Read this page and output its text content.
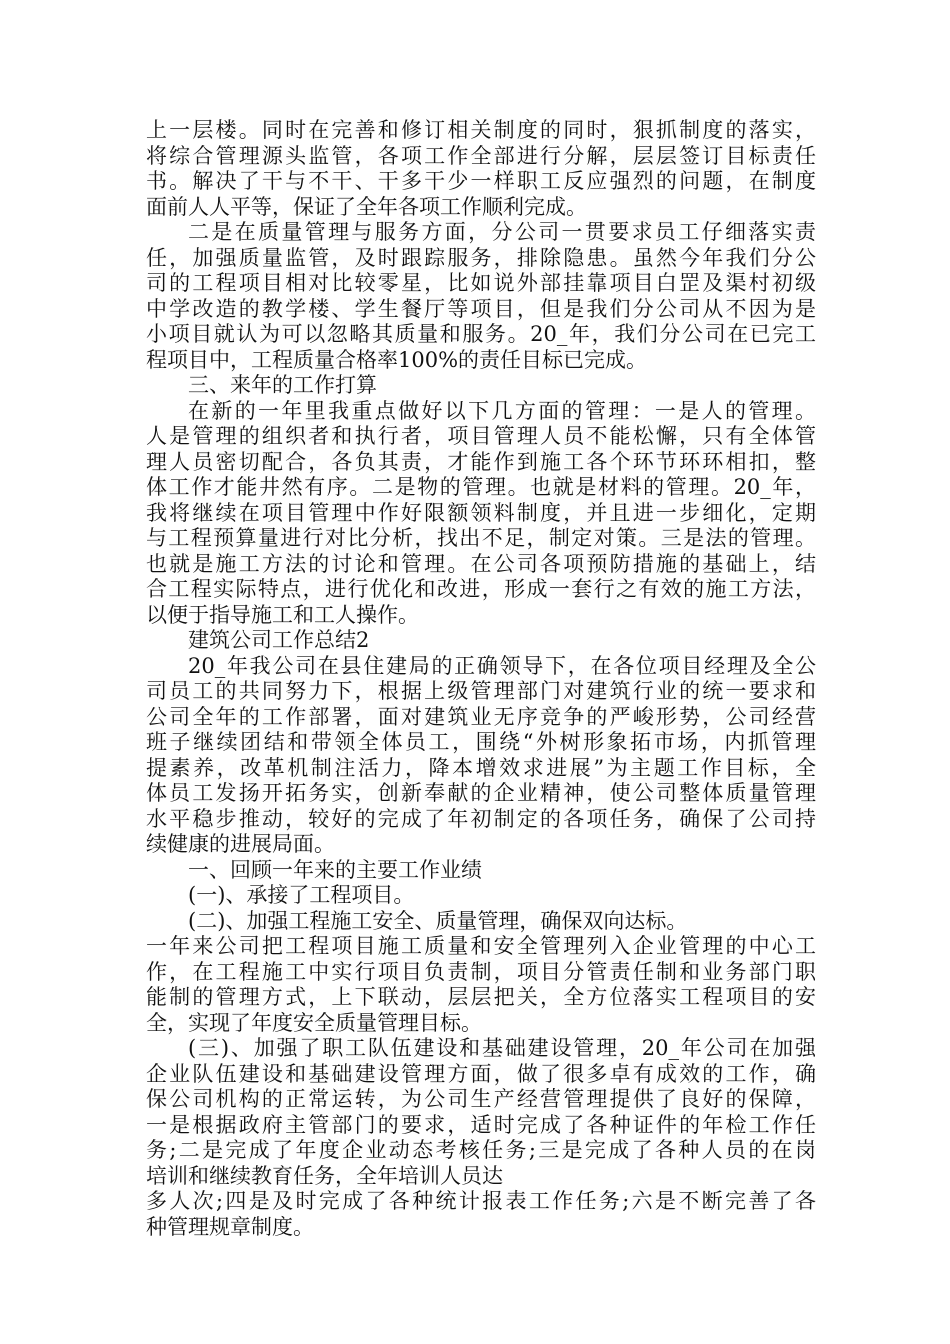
上一层楼。同时在完善和修订相关制度的同时，狠抓制度的落实，
将综合管理源头监管，各项工作全部进行分解，层层签订目标责任
书。解决了干与不干、干多干少一样职工反应强烈的问题，在制度
面前人人平等，保证了全年各项工作顺利完成。
二是在质量管理与服务方面，分公司一贯要求员工仔细落实责
任，加强质量监管，及时跟踪服务，排除隐患。虽然今年我们分公
司的工程项目相对比较零星，比如说外部挂靠项目白罡及渠村初级
中学改造的教学楼、学生餐厅等项目，但是我们分公司从不因为是
小项目就认为可以忽略其质量和服务。20_年，我们分公司在已完工
程项目中，工程质量合格率100%的责任目标已完成。
三、来年的工作打算
在新的一年里我重点做好以下几方面的管理：一是人的管理。
人是管理的组织者和执行者，项目管理人员不能松懈，只有全体管
理人员密切配合，各负其责，才能作到施工各个环节环环相扣，整
体工作才能井然有序。二是物的管理。也就是材料的管理。20_年，
我将继续在项目管理中作好限额领料制度，并且进一步细化，定期
与工程预算量进行对比分析，找出不足，制定对策。三是法的管理。
也就是施工方法的讨论和管理。在公司各项预防措施的基础上，结
合工程实际特点，进行优化和改进，形成一套行之有效的施工方法，
以便于指导施工和工人操作。
建筑公司工作总结2
20_年我公司在县住建局的正确领导下，在各位项目经理及全公
司员工的共同努力下，根据上级管理部门对建筑行业的统一要求和
公司全年的工作部署，面对建筑业无序竞争的严峻形势，公司经营
班子继续团结和带领全体员工，围绕“外树形象拓市场，内抓管理
提素养，改革机制注活力，降本增效求进展”为主题工作目标，全
体员工发扬开拓务实，创新奉献的企业精神，使公司整体质量管理
水平稳步推动，较好的完成了年初制定的各项任务，确保了公司持
续健康的进展局面。
一、回顾一年来的主要工作业绩
(一)、承接了工程项目。
(二)、加强工程施工安全、质量管理，确保双向达标。
一年来公司把工程项目施工质量和安全管理列入企业管理的中心工
作，在工程施工中实行项目负责制，项目分管责任制和业务部门职
能制的管理方式，上下联动，层层把关，全方位落实工程项目的安
全，实现了年度安全质量管理目标。
(三)、加强了职工队伍建设和基础建设管理，20_年公司在加强
企业队伍建设和基础建设管理方面，做了很多卓有成效的工作，确
保公司机构的正常运转，为公司生产经营管理提供了良好的保障，
一是根据政府主管部门的要求，适时完成了各种证件的年检工作任
务;二是完成了年度企业动态考核任务;三是完成了各种人员的在岗
培训和继续教育任务，全年培训人员达
多人次;四是及时完成了各种统计报表工作任务;六是不断完善了各
种管理规章制度。
